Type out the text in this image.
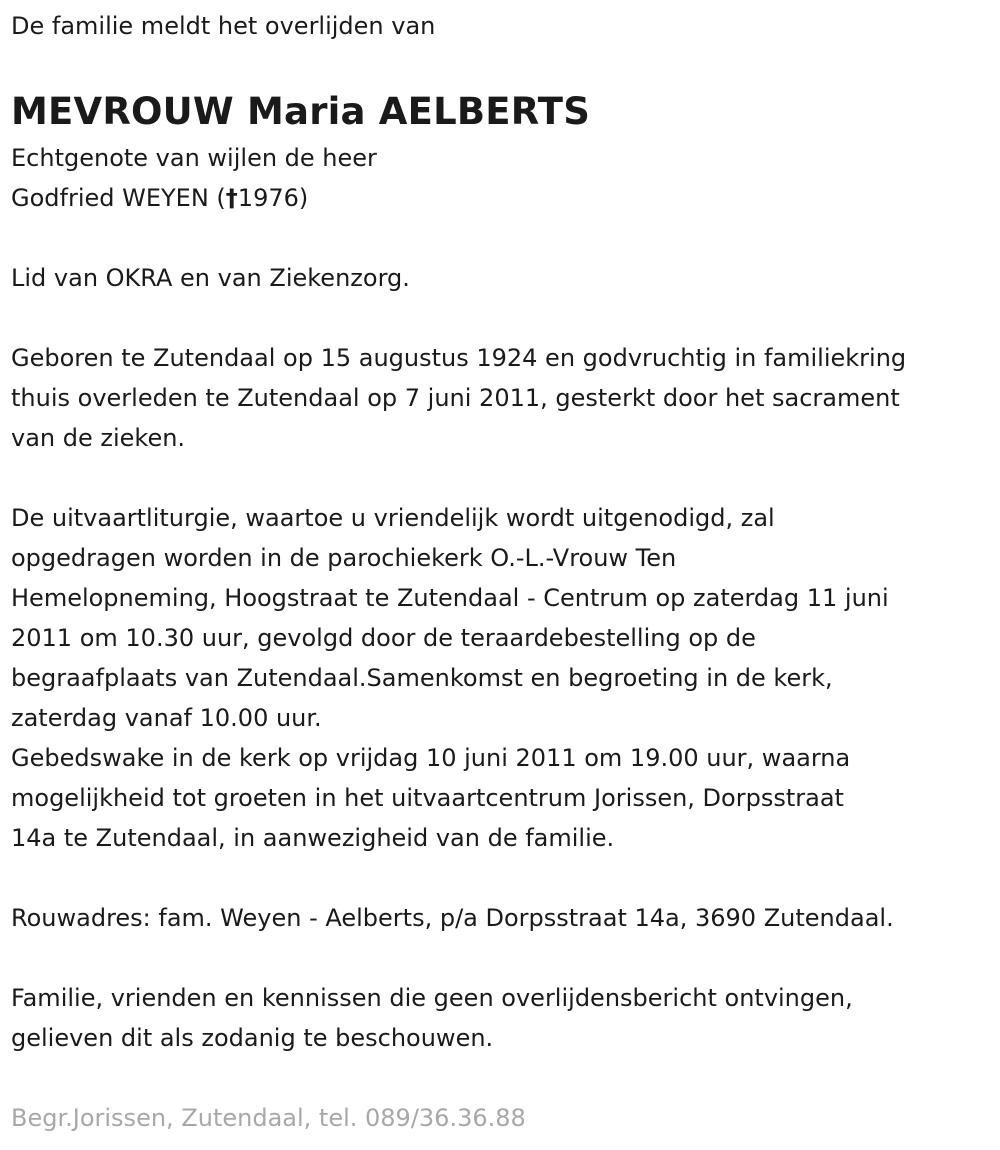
De familie meldt het overlijden van

MEVROUW Maria AELBERTS

Echtgenote van wijlen de heer

Godfried WEYEN (†1976)

Lid van OKRA en van Ziekenzorg.

Geboren te Zutendaal op 15 augustus 1924 en godvruchtig in familiekring

thuis overleden te Zutendaal op 7 juni 2011, gesterkt door het sacrament

van de zieken.

De uitvaartliturgie, waartoe u vriendelijk wordt uitgenodigd, zal

opgedragen worden in de parochiekerk O.-L.-Vrouw Ten

Hemelopneming, Hoogstraat te Zutendaal - Centrum op zaterdag 11 juni

2011 om 10.30 uur, gevolgd door de teraardebestelling op de

begraafplaats van Zutendaal.Samenkomst en begroeting in de kerk,

zaterdag vanaf 10.00 uur.

Gebedswake in de kerk op vrijdag 10 juni 2011 om 19.00 uur, waarna

mogelijkheid tot groeten in het uitvaartcentrum Jorissen, Dorpsstraat

14a te Zutendaal, in aanwezigheid van de familie.

Rouwadres: fam. Weyen - Aelberts, p/a Dorpsstraat 14a, 3690 Zutendaal.

Familie, vrienden en kennissen die geen overlijdensbericht ontvingen,

gelieven dit als zodanig te beschouwen.

Begr.Jorissen, Zutendaal, tel. 089/36.36.88
